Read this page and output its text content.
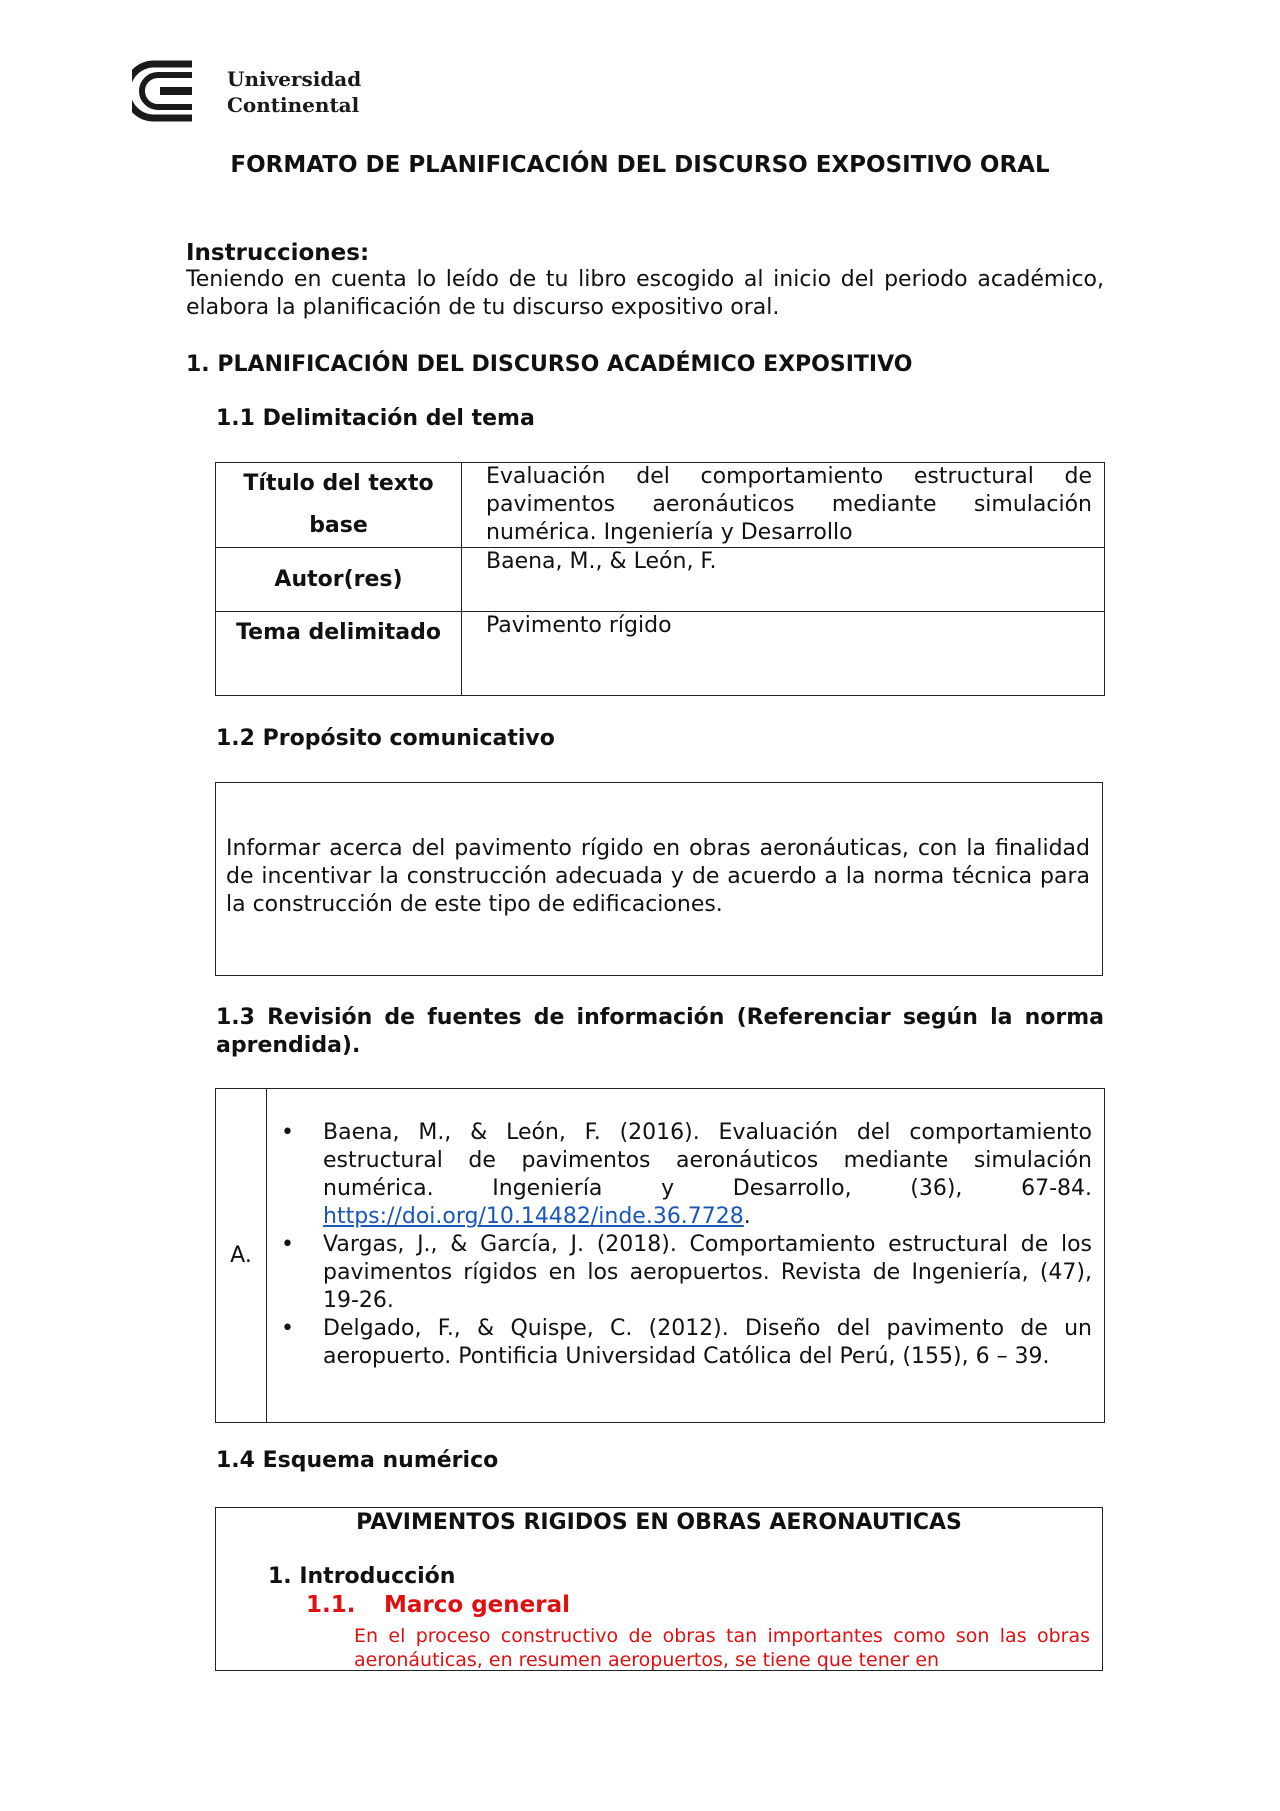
Universidad
Continental
FORMATO DE PLANIFICACIÓN DEL DISCURSO EXPOSITIVO ORAL
Instrucciones:
Teniendo en cuenta lo leído de tu libro escogido al inicio del periodo académico, elabora la planificación de tu discurso expositivo oral.
1. PLANIFICACIÓN DEL DISCURSO ACADÉMICO EXPOSITIVO
1.1 Delimitación del tema
Título del texto base	Evaluación del comportamiento estructural de pavimentos aeronáuticos mediante simulación numérica. Ingeniería y Desarrollo
Autor(res)	Baena, M., & León, F.
Tema delimitado	Pavimento rígido
1.2 Propósito comunicativo

Informar acerca del pavimento rígido en obras aeronáuticas, con la finalidad de incentivar la construcción adecuada y de acuerdo a la norma técnica para la construcción de este tipo de edificaciones.

1.3 Revisión de fuentes de información (Referenciar según la norma aprendida).
A.	
• Baena, M., & León, F. (2016). Evaluación del comportamiento estructural de pavimentos aeronáuticos mediante simulación numérica. Ingeniería y Desarrollo, (36), 67-84. https://doi.org/10.14482/inde.36.7728.
• Vargas, J., & García, J. (2018). Comportamiento estructural de los pavimentos rígidos en los aeropuertos. Revista de Ingeniería, (47), 19-26.
• Delgado, F., & Quispe, C. (2012). Diseño del pavimento de un aeropuerto. Pontificia Universidad Católica del Perú, (155), 6 – 39.
1.4 Esquema numérico
PAVIMENTOS RIGIDOS EN OBRAS AERONAUTICAS
1. Introducción
1.1. Marco general
En el proceso constructivo de obras tan importantes como son las obras aeronáuticas, en resumen aeropuertos, se tiene que tener en
